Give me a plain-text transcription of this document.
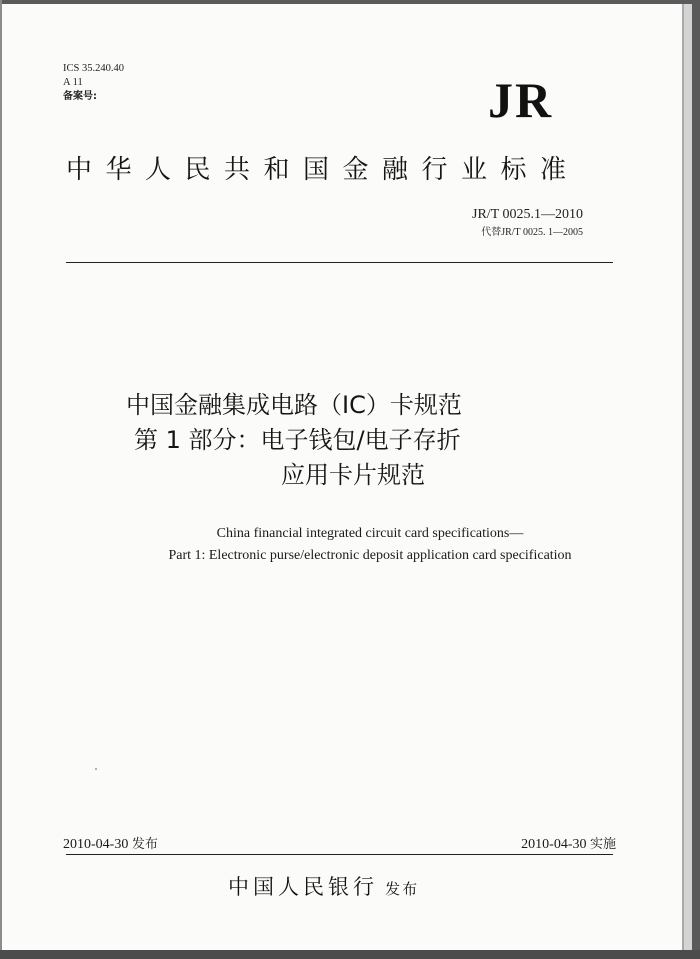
ICS 35.240.40
A 11
备案号:	JR
中华人民共和国金融行业标准
JR/T 0025.1—2010
代替JR/T 0025. 1—2005
中国金融集成电路（IC）卡规范
第 1 部分：电子钱包/电子存折
应用卡片规范
China financial integrated circuit card specifications—
Part 1: Electronic purse/electronic deposit application card specification
2010-04-30 发布	2010-04-30 实施
中国人民银行 发布
